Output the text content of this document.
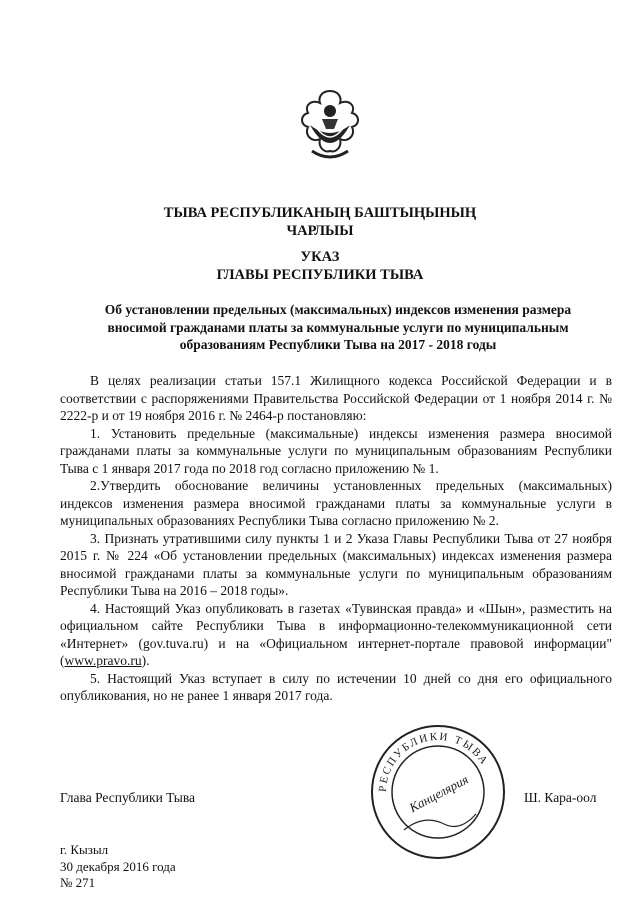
ТЫВА РЕСПУБЛИКАНЫҢ БАШТЫҢЫНЫҢ
ЧАРЛЫЫ
УКАЗ
ГЛАВЫ РЕСПУБЛИКИ ТЫВА
Об установлении предельных (максимальных) индексов изменения размера
вносимой гражданами платы за коммунальные услуги по муниципальным
образованиям Республики Тыва на 2017 - 2018 годы

В целях реализации статьи 157.1 Жилищного кодекса Российской Федерации и в соответствии с распоряжениями Правительства Российской Федерации от 1 ноября 2014 г. № 2222-р и от 19 ноября 2016 г. № 2464-р постановляю:

1. Установить предельные (максимальные) индексы изменения размера вносимой гражданами платы за коммунальные услуги по муниципальным образованиям Республики Тыва с 1 января 2017 года по 2018 год согласно приложению № 1.

2.Утвердить обоснование величины установленных предельных (максимальных) индексов изменения размера вносимой гражданами платы за коммунальные услуги в муниципальных образованиях Республики Тыва согласно приложению № 2.

3. Признать утратившими силу пункты 1 и 2 Указа Главы Республики Тыва от 27 ноября 2015 г. № 224 «Об установлении предельных (максимальных) индексах изменения размера вносимой гражданами платы за коммунальные услуги по муниципальным образованиям Республики Тыва на 2016 – 2018 годы».

4. Настоящий Указ опубликовать в газетах «Тувинская правда» и «Шын», разместить на официальном сайте Республики Тыва в информационно-телекоммуникационной сети «Интернет» (gov.tuva.ru) и на «Официальном интернет-портале правовой информации" (www.pravo.ru).

5. Настоящий Указ вступает в силу по истечении 10 дней со дня его официального опубликования, но не ранее 1 января 2017 года.

Глава Республики Тыва	Ш. Кара-оол
РЕСПУБЛИКИ ТЫВА
Канцелярия
г. Кызыл
30 декабря 2016 года
№ 271
